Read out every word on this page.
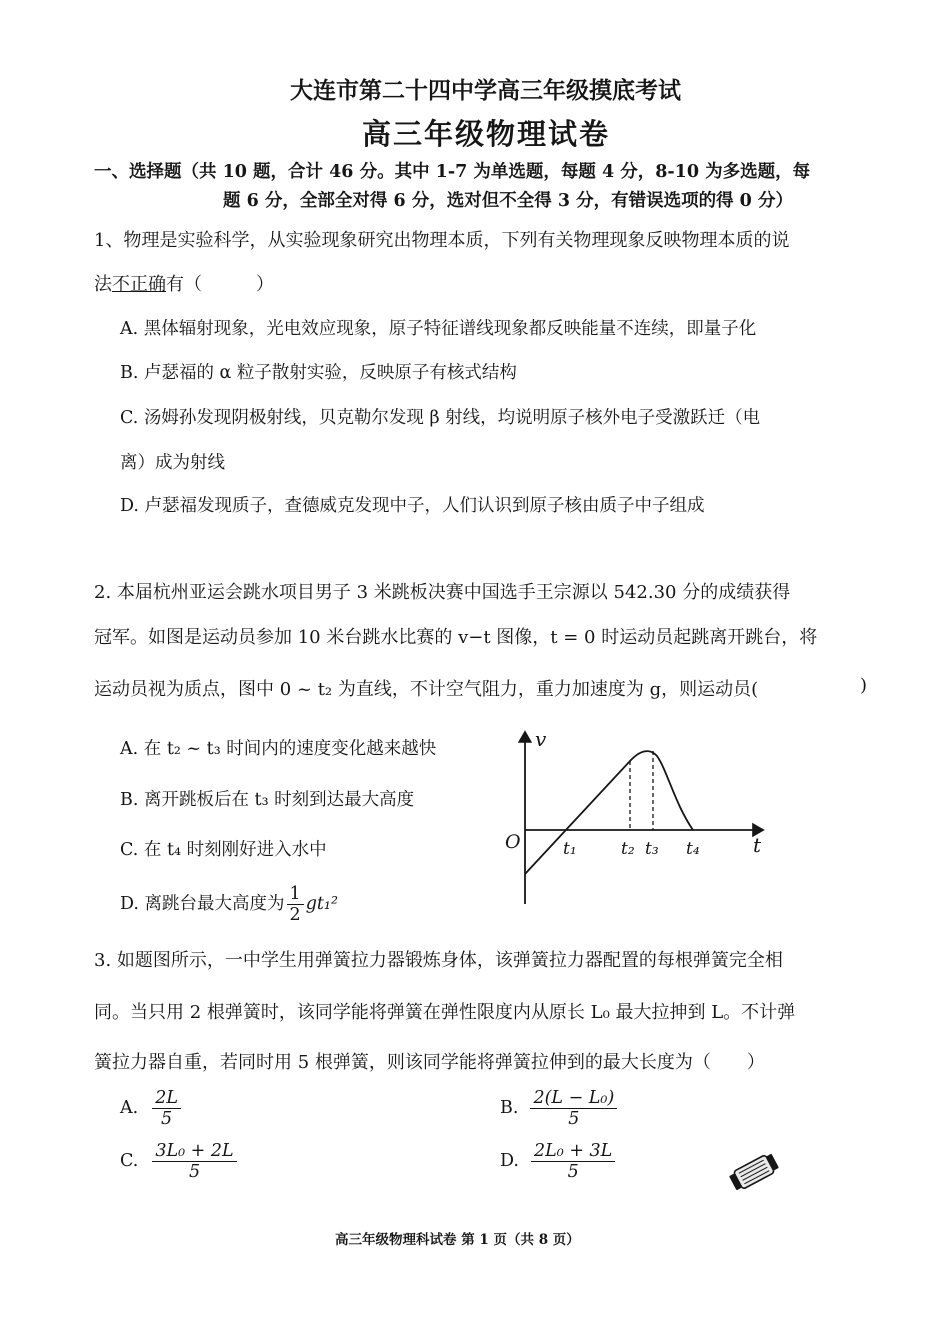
大连市第二十四中学高三年级摸底考试
高三年级物理试卷
一、选择题（共 10 题，合计 46 分。其中 1-7 为单选题，每题 4 分，8-10 为多选题，每
题 6 分，全部全对得 6 分，选对但不全得 3 分，有错误选项的得 0 分）
1、物理是实验科学，从实验现象研究出物理本质，下列有关物理现象反映物理本质的说
法不正确有（　　　）
A. 黑体辐射现象，光电效应现象，原子特征谱线现象都反映能量不连续，即量子化
B. 卢瑟福的 α 粒子散射实验，反映原子有核式结构
C. 汤姆孙发现阴极射线，贝克勒尔发现 β 射线，均说明原子核外电子受激跃迁（电
离）成为射线
D. 卢瑟福发现质子，查德威克发现中子，人们认识到原子核由质子中子组成
2. 本届杭州亚运会跳水项目男子 3 米跳板决赛中国选手王宗源以 542.30 分的成绩获得
冠军。如图是运动员参加 10 米台跳水比赛的 v−t 图像，t = 0 时运动员起跳离开跳台，将
运动员视为质点，图中 0 ~ t₂ 为直线，不计空气阻力，重力加速度为 g，则运动员(	)
A. 在 t₂ ~ t₃ 时间内的速度变化越来越快
B. 离开跳板后在 t₃ 时刻到达最大高度
C. 在 t₄ 时刻刚好进入水中
D. 离跳台最大高度为 $\frac{1}{2} gt_1^2$
v
t
O t₁	t₂ t₃ t₄
3. 如题图所示，一中学生用弹簧拉力器锻炼身体，该弹簧拉力器配置的每根弹簧完全相
同。当只用 2 根弹簧时，该同学能将弹簧在弹性限度内从原长 L₀ 最大拉抻到 L。不计弹
簧拉力器自重，若同时用 5 根弹簧，则该同学能将弹簧拉伸到的最大长度为（　　）
A. $\frac{2L}{5}$	B. $\frac{\text{2(L − L₀)}}{5}$
C. $\frac{\text{3L₀ + 2L}}{5}$	D. $\frac{\text{2L₀ + 3L}}{5}$
高三年级物理科试卷 第 1 页（共 8 页）
